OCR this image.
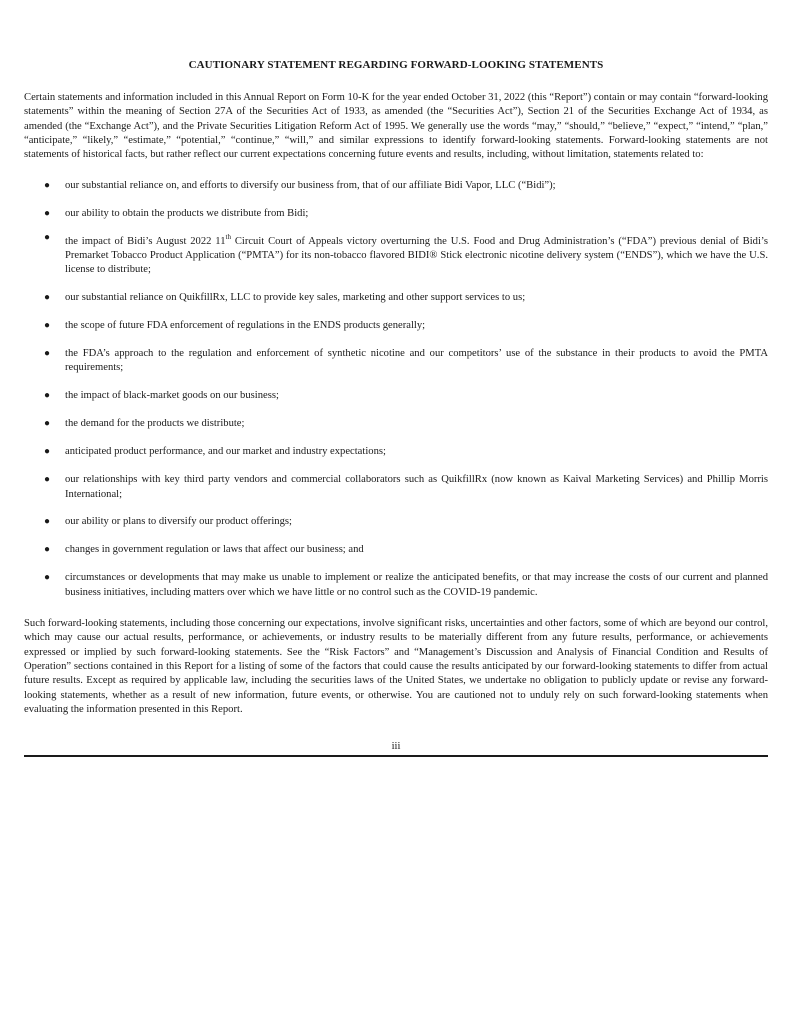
CAUTIONARY STATEMENT REGARDING FORWARD-LOOKING STATEMENTS

Certain statements and information included in this Annual Report on Form 10-K for the year ended October 31, 2022 (this “Report”) contain or may contain “forward-looking statements” within the meaning of Section 27A of the Securities Act of 1933, as amended (the “Securities Act”), Section 21 of the Securities Exchange Act of 1934, as amended (the “Exchange Act”), and the Private Securities Litigation Reform Act of 1995. We generally use the words “may,” “should,” “believe,” “expect,” “intend,” “plan,” “anticipate,” “likely,” “estimate,” “potential,” “continue,” “will,” and similar expressions to identify forward-looking statements. Forward-looking statements are not statements of historical facts, but rather reflect our current expectations concerning future events and results, including, without limitation, statements related to:

● our substantial reliance on, and efforts to diversify our business from, that of our affiliate Bidi Vapor, LLC (“Bidi”);
● our ability to obtain the products we distribute from Bidi;
● the impact of Bidi’s August 2022 11th Circuit Court of Appeals victory overturning the U.S. Food and Drug Administration’s (“FDA”) previous denial of Bidi’s Premarket Tobacco Product Application (“PMTA”) for its non-tobacco flavored BIDI® Stick electronic nicotine delivery system (“ENDS”), which we have the U.S. license to distribute;
● our substantial reliance on QuikfillRx, LLC to provide key sales, marketing and other support services to us;
● the scope of future FDA enforcement of regulations in the ENDS products generally;
● the FDA’s approach to the regulation and enforcement of synthetic nicotine and our competitors’ use of the substance in their products to avoid the PMTA requirements;
● the impact of black-market goods on our business;
● the demand for the products we distribute;
● anticipated product performance, and our market and industry expectations;
● our relationships with key third party vendors and commercial collaborators such as QuikfillRx (now known as Kaival Marketing Services) and Phillip Morris International;
● our ability or plans to diversify our product offerings;
● changes in government regulation or laws that affect our business; and
● circumstances or developments that may make us unable to implement or realize the anticipated benefits, or that may increase the costs of our current and planned business initiatives, including matters over which we have little or no control such as the COVID-19 pandemic.

Such forward-looking statements, including those concerning our expectations, involve significant risks, uncertainties and other factors, some of which are beyond our control, which may cause our actual results, performance, or achievements, or industry results to be materially different from any future results, performance, or achievements expressed or implied by such forward-looking statements. See the “Risk Factors” and “Management’s Discussion and Analysis of Financial Condition and Results of Operation” sections contained in this Report for a listing of some of the factors that could cause the results anticipated by our forward-looking statements to differ from actual future results. Except as required by applicable law, including the securities laws of the United States, we undertake no obligation to publicly update or revise any forward-looking statements, whether as a result of new information, future events, or otherwise. You are cautioned not to unduly rely on such forward-looking statements when evaluating the information presented in this Report.

iii
